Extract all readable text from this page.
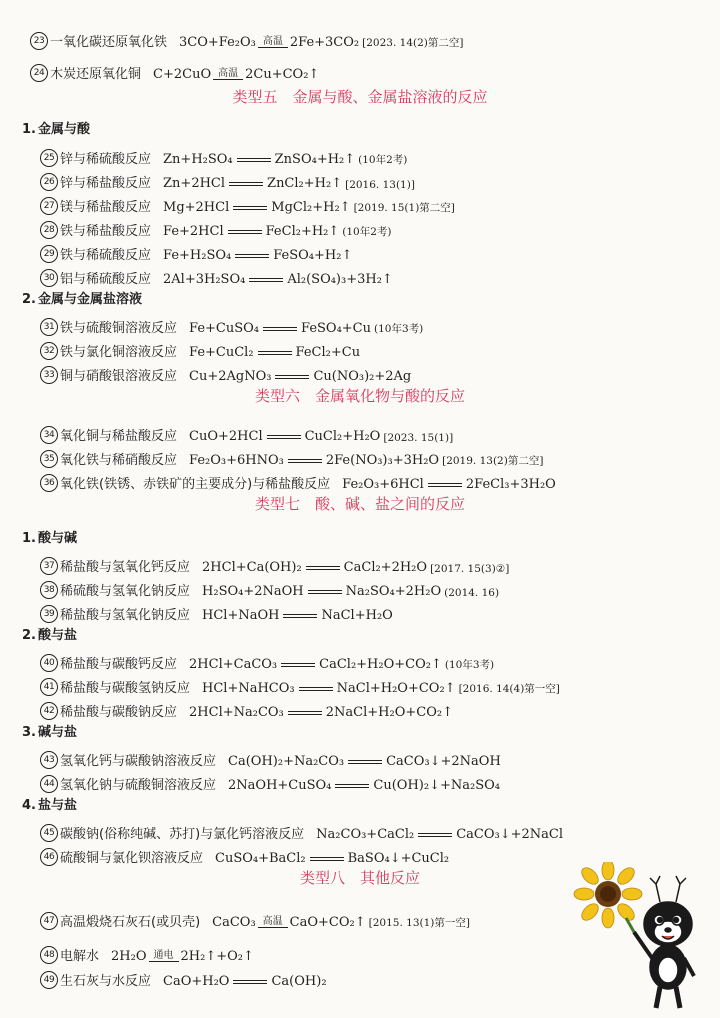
23 一氧化碳还原氧化铁 3CO+Fe₂O₃ 高温 2Fe+3CO₂ [2023. 14(2)第二空]
24 木炭还原氧化铜 C+2CuO 高温 2Cu+CO₂↑
类型五　金属与酸、金属盐溶液的反应
1. 金属与酸
25 锌与稀硫酸反应 Zn+H₂SO₄	ZnSO₄+H₂↑ (10年2考)
26 锌与稀盐酸反应 Zn+2HCl	ZnCl₂+H₂↑ [2016. 13(1)]
27 镁与稀盐酸反应 Mg+2HCl	MgCl₂+H₂↑ [2019. 15(1)第二空]
28 铁与稀盐酸反应 Fe+2HCl	FeCl₂+H₂↑ (10年2考)
29 铁与稀硫酸反应 Fe+H₂SO₄	FeSO₄+H₂↑
30 铝与稀硫酸反应 2Al+3H₂SO₄	Al₂(SO₄)₃+3H₂↑
2. 金属与金属盐溶液
31 铁与硫酸铜溶液反应 Fe+CuSO₄	FeSO₄+Cu (10年3考)
32 铁与氯化铜溶液反应 Fe+CuCl₂	FeCl₂+Cu
33 铜与硝酸银溶液反应 Cu+2AgNO₃	Cu(NO₃)₂+2Ag
类型六　金属氧化物与酸的反应
34 氧化铜与稀盐酸反应 CuO+2HCl	CuCl₂+H₂O [2023. 15(1)]
35 氧化铁与稀硝酸反应 Fe₂O₃+6HNO₃	2Fe(NO₃)₃+3H₂O [2019. 13(2)第二空]
36 氧化铁(铁锈、赤铁矿的主要成分)与稀盐酸反应 Fe₂O₃+6HCl	2FeCl₃+3H₂O
类型七　酸、碱、盐之间的反应
1. 酸与碱
37 稀盐酸与氢氧化钙反应 2HCl+Ca(OH)₂	CaCl₂+2H₂O [2017. 15(3)②]
38 稀硫酸与氢氧化钠反应 H₂SO₄+2NaOH	Na₂SO₄+2H₂O (2014. 16)
39 稀盐酸与氢氧化钠反应 HCl+NaOH	NaCl+H₂O
2. 酸与盐
40 稀盐酸与碳酸钙反应 2HCl+CaCO₃	CaCl₂+H₂O+CO₂↑ (10年3考)
41 稀盐酸与碳酸氢钠反应 HCl+NaHCO₃	NaCl+H₂O+CO₂↑ [2016. 14(4)第一空]
42 稀盐酸与碳酸钠反应 2HCl+Na₂CO₃	2NaCl+H₂O+CO₂↑
3. 碱与盐
43 氢氧化钙与碳酸钠溶液反应 Ca(OH)₂+Na₂CO₃	CaCO₃↓+2NaOH
44 氢氧化钠与硫酸铜溶液反应 2NaOH+CuSO₄	Cu(OH)₂↓+Na₂SO₄
4. 盐与盐
45 碳酸钠(俗称纯碱、苏打)与氯化钙溶液反应 Na₂CO₃+CaCl₂	CaCO₃↓+2NaCl
46 硫酸铜与氯化钡溶液反应 CuSO₄+BaCl₂	BaSO₄↓+CuCl₂
类型八　其他反应
47 高温煅烧石灰石(或贝壳) CaCO₃ 高温 CaO+CO₂↑ [2015. 13(1)第一空]
48 电解水 2H₂O 通电 2H₂↑+O₂↑
49 生石灰与水反应 CaO+H₂O	Ca(OH)₂
